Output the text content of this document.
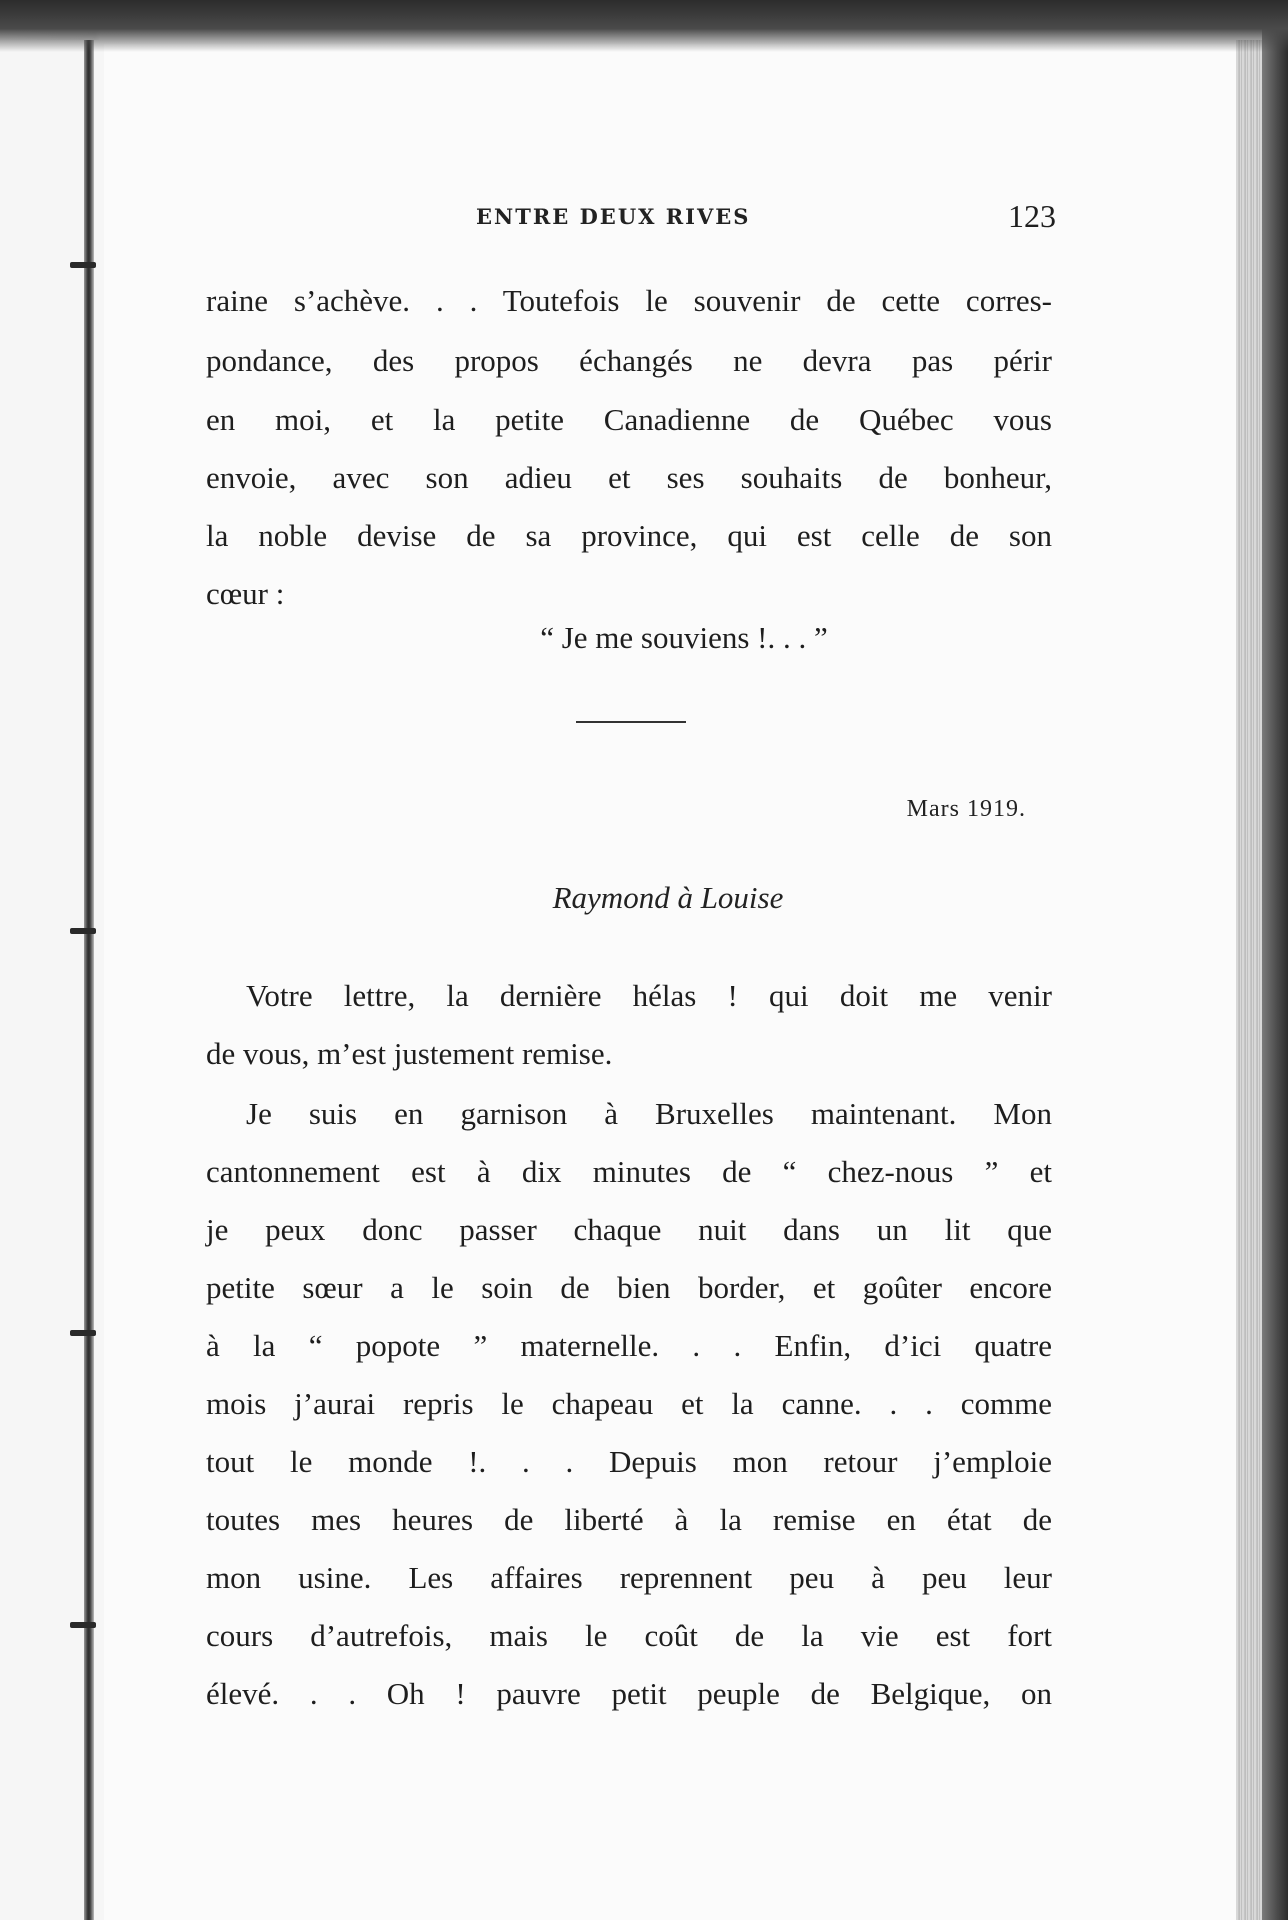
ENTRE DEUX RIVES	123
raine s’achève. . . Toutefois le souvenir de cette corres-
pondance, des propos échangés ne devra pas périr
en moi, et la petite Canadienne de Québec vous
envoie, avec son adieu et ses souhaits de bonheur,
la noble devise de sa province, qui est celle de son
cœur :
“ Je me souviens !. . . ”
Mars 1919.
Raymond à Louise
Votre lettre, la dernière hélas ! qui doit me venir
de vous, m’est justement remise.
Je suis en garnison à Bruxelles maintenant. Mon
cantonnement est à dix minutes de “ chez-nous ” et
je peux donc passer chaque nuit dans un lit que
petite sœur a le soin de bien border, et goûter encore
à la “ popote ” maternelle. . . Enfin, d’ici quatre
mois j’aurai repris le chapeau et la canne. . . comme
tout le monde !. . . Depuis mon retour j’emploie
toutes mes heures de liberté à la remise en état de
mon usine. Les affaires reprennent peu à peu leur
cours d’autrefois, mais le coût de la vie est fort
élevé. . . Oh ! pauvre petit peuple de Belgique, on
